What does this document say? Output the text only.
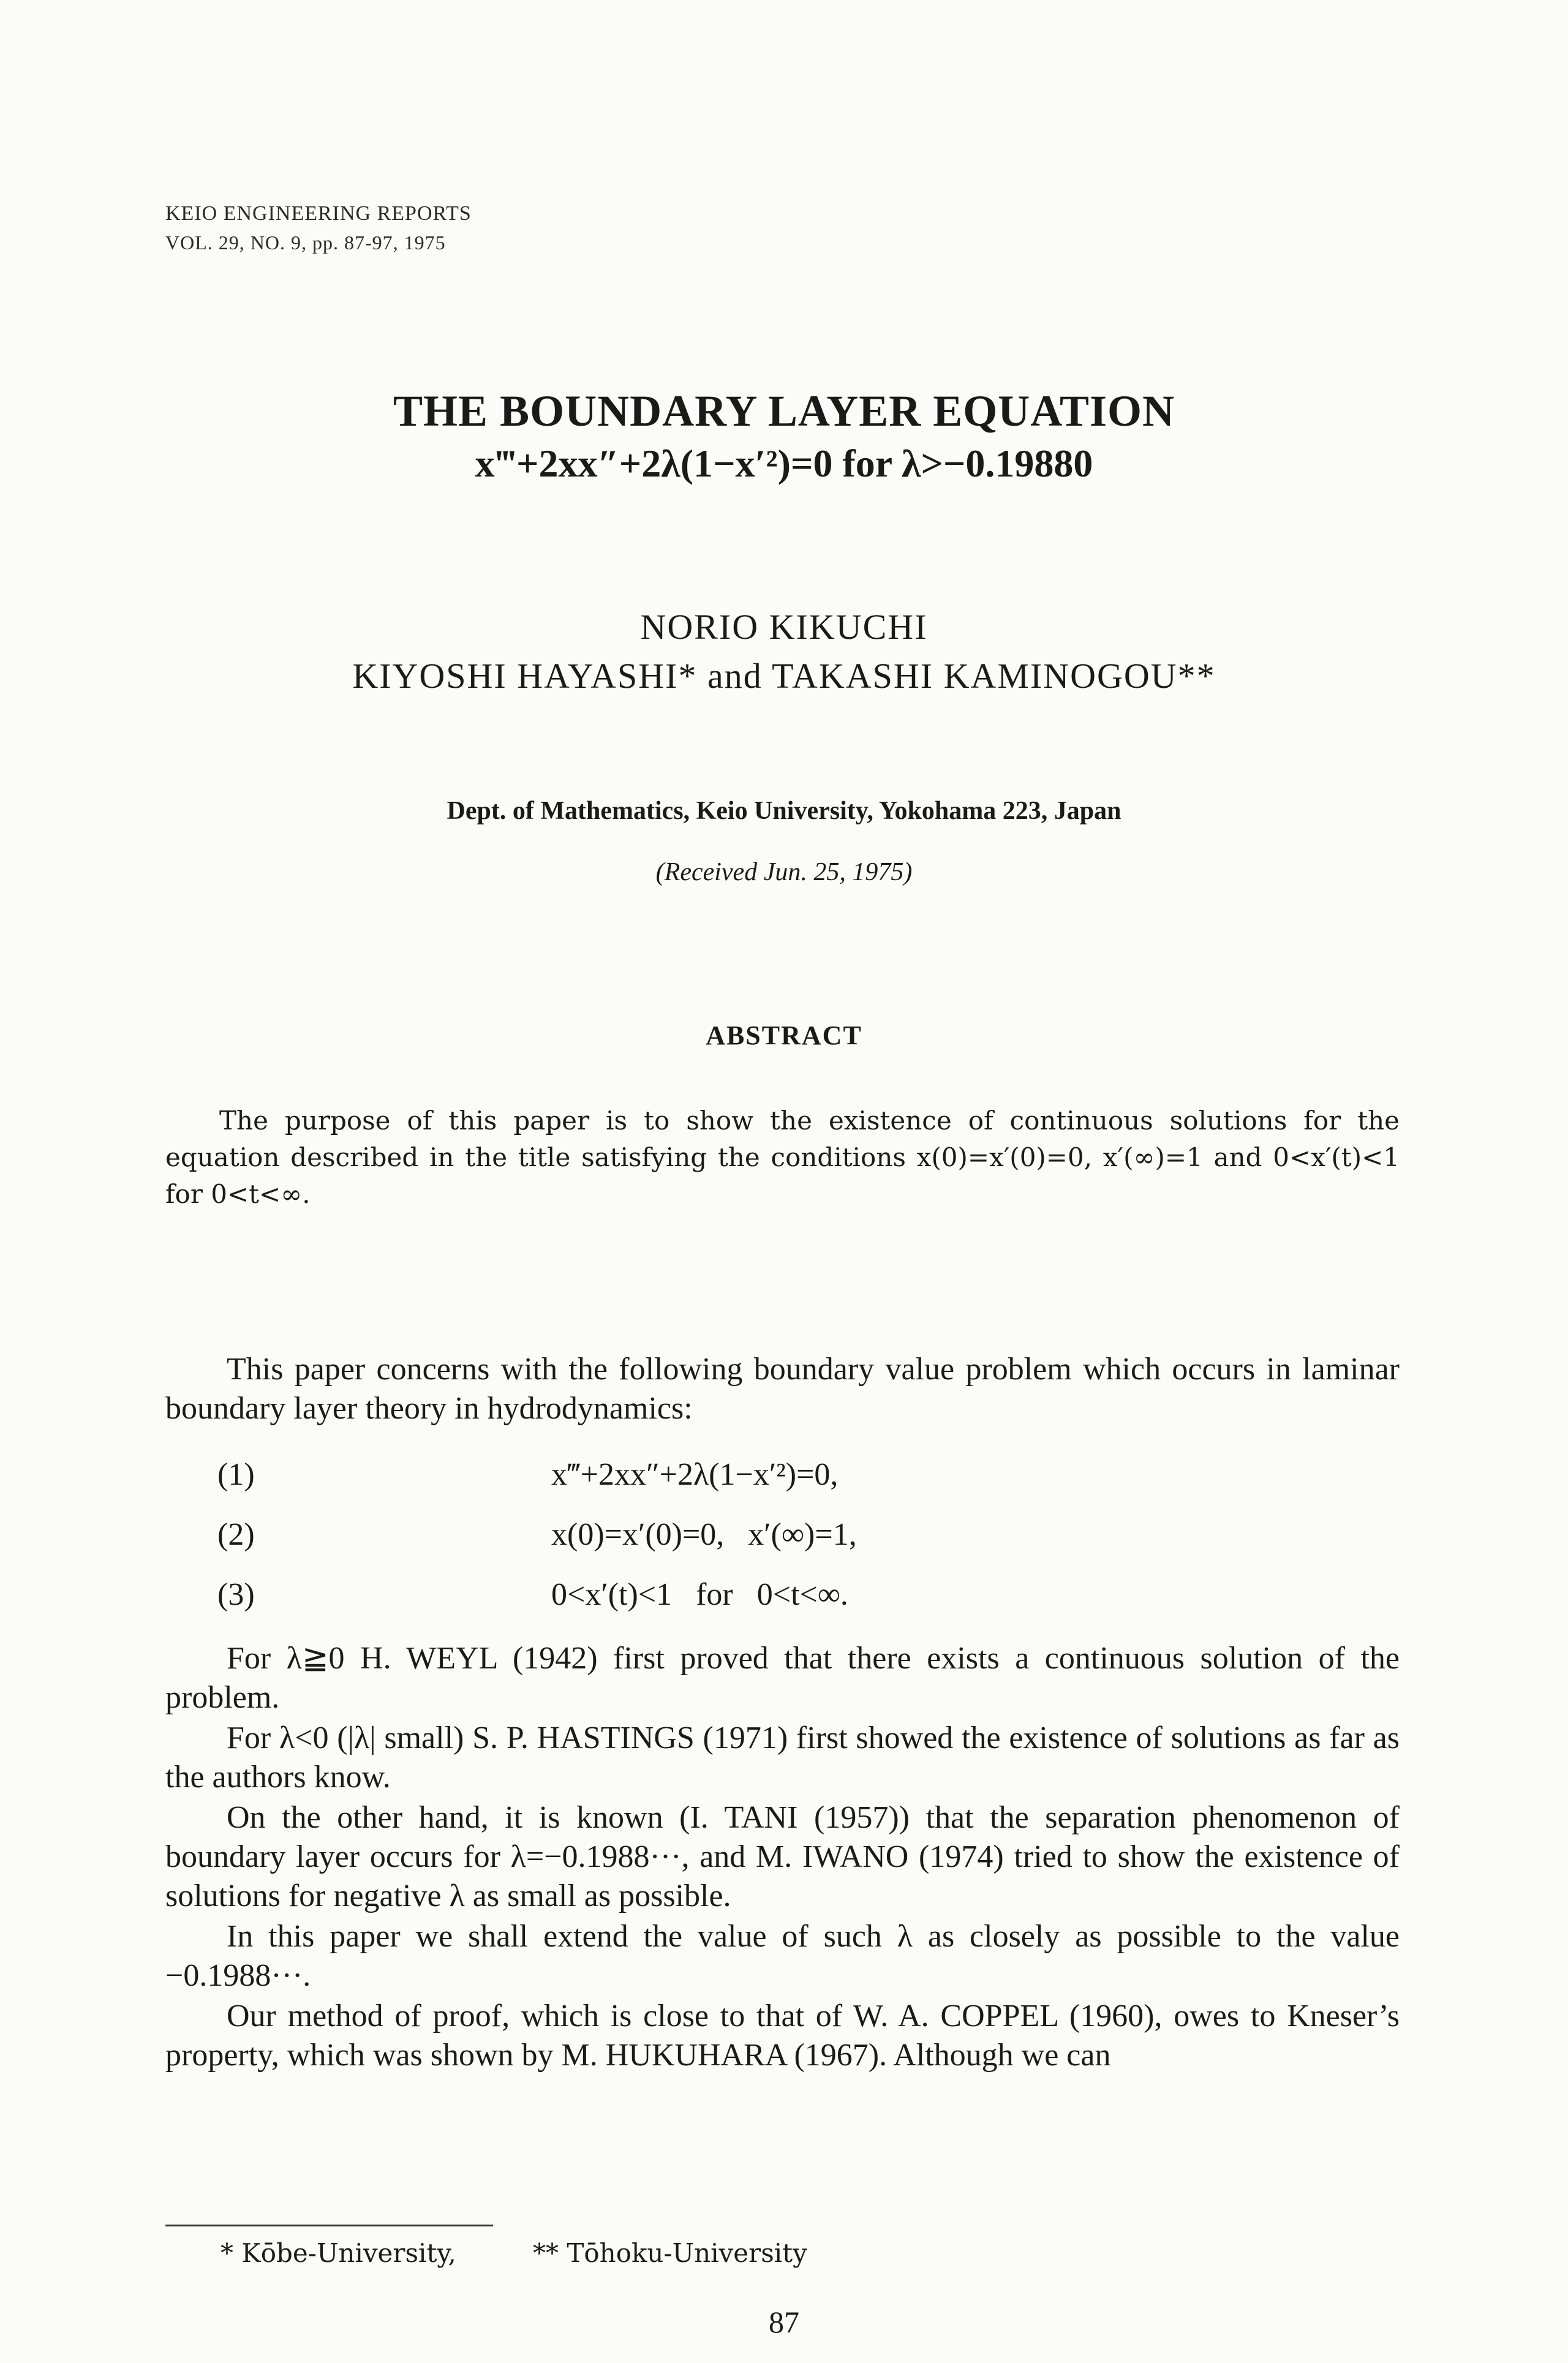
KEIO ENGINEERING REPORTS
VOL. 29, NO. 9, pp. 87-97, 1975
THE BOUNDARY LAYER EQUATION
x‴+2xx″+2λ(1−x′²)=0 for λ>−0.19880
NORIO KIKUCHI
KIYOSHI HAYASHI* and TAKASHI KAMINOGOU**
Dept. of Mathematics, Keio University, Yokohama 223, Japan
(Received Jun. 25, 1975)
ABSTRACT
The purpose of this paper is to show the existence of continuous solutions for the equation described in the title satisfying the conditions x(0)=x′(0)=0, x′(∞)=1 and 0<x′(t)<1 for 0<t<∞.
This paper concerns with the following boundary value problem which occurs in laminar boundary layer theory in hydrodynamics:
(1)	x‴+2xx″+2λ(1−x′²)=0,
(2)	x(0)=x′(0)=0,   x′(∞)=1,
(3)	0<x′(t)<1   for   0<t<∞.
For λ≧0 H. WEYL (1942) first proved that there exists a continuous solution of the problem.
For λ<0 (|λ| small) S. P. HASTINGS (1971) first showed the existence of solutions as far as the authors know.
On the other hand, it is known (I. TANI (1957)) that the separation phenomenon of boundary layer occurs for λ=−0.1988···, and M. IWANO (1974) tried to show the existence of solutions for negative λ as small as possible.
In this paper we shall extend the value of such λ as closely as possible to the value −0.1988···.
Our method of proof, which is close to that of W. A. COPPEL (1960), owes to Kneser’s property, which was shown by M. HUKUHARA (1967). Although we can
* Kōbe-University,	** Tōhoku-University
87
